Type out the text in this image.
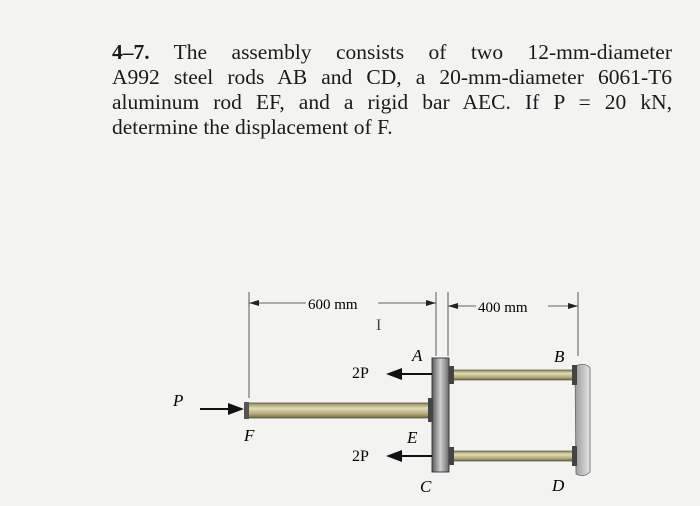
4–7. The assembly consists of two 12-mm-diameter
A992 steel rods AB and CD, a 20-mm-diameter 6061-T6
aluminum rod EF, and a rigid bar AEC. If P = 20 kN,
determine the displacement of F.
600 mm	400 mm
I
2P
2P
P
A	B
C	D
E
F
